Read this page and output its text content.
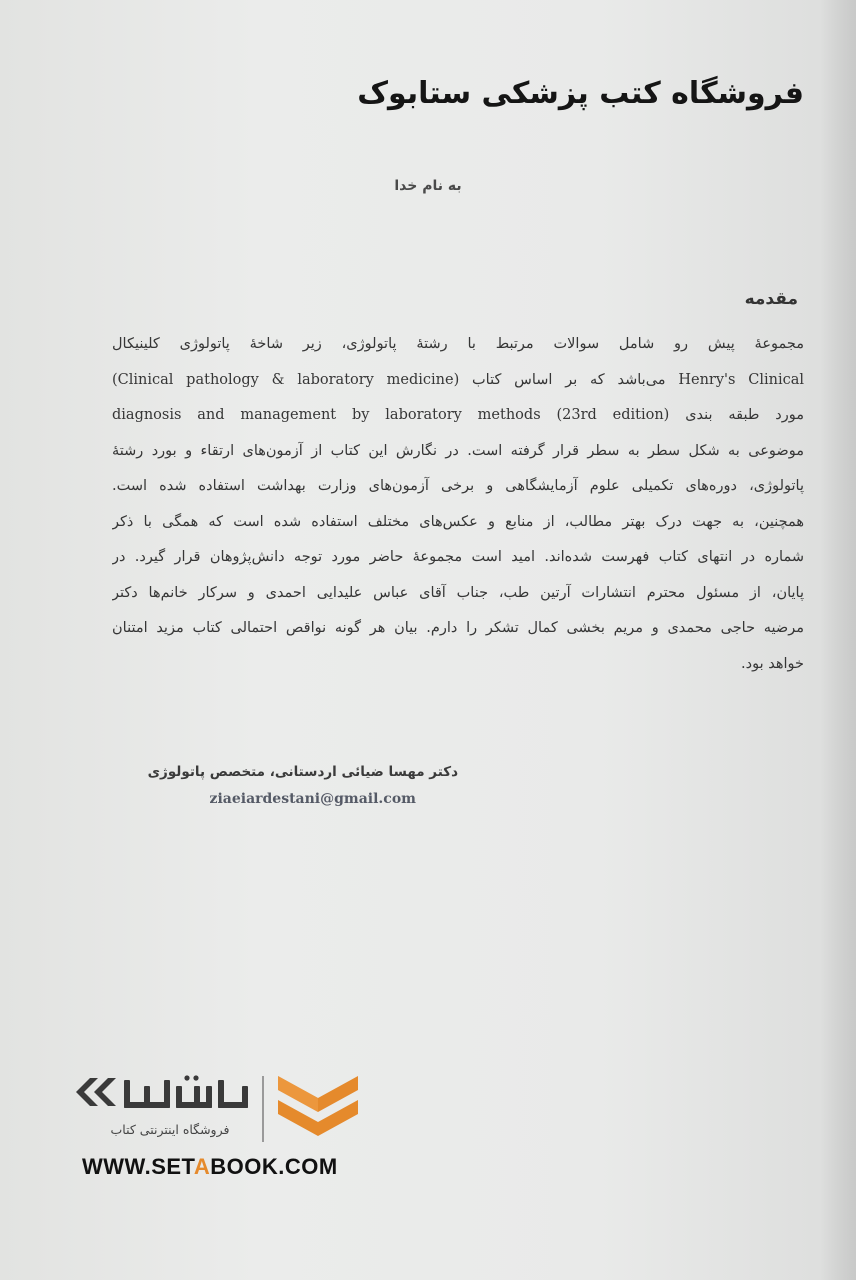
فروشگاه کتب پزشکی ستابوک
به نام خدا
مقدمه
مجموعهٔ پیش رو شامل سوالات مرتبط با رشتهٔ پاتولوژی، زیر شاخهٔ پاتولوژی کلینیکال
(Clinical pathology & laboratory medicine) می‌باشد که بر اساس کتاب Henry's Clinical
diagnosis and management by laboratory methods (23rd edition) مورد طبقه بندی
موضوعی به شکل سطر به سطر قرار گرفته است. در نگارش این کتاب از آزمون‌های ارتقاء و بورد رشتهٔ
پاتولوژی، دوره‌های تکمیلی علوم آزمایشگاهی و برخی آزمون‌های وزارت بهداشت استفاده شده است.
همچنین، به جهت درک بهتر مطالب، از منابع و عکس‌های مختلف استفاده شده است که همگی با ذکر
شماره در انتهای کتاب فهرست شده‌اند. امید است مجموعهٔ حاضر مورد توجه دانش‌پژوهان قرار گیرد. در
پایان، از مسئول محترم انتشارات آرتین طب، جناب آقای عباس علیدایی احمدی و سرکار خانم‌ها دکتر
مرضیه حاجی محمدی و مریم بخشی کمال تشکر را دارم. بیان هر گونه نواقص احتمالی کتاب مزید امتنان
خواهد بود.
دکتر مهسا ضیائی اردستانی، متخصص پاتولوژی
ziaeiardestani@gmail.com
فروشگاه اینترنتی کتاب
WWW.SETABOOK.COM
